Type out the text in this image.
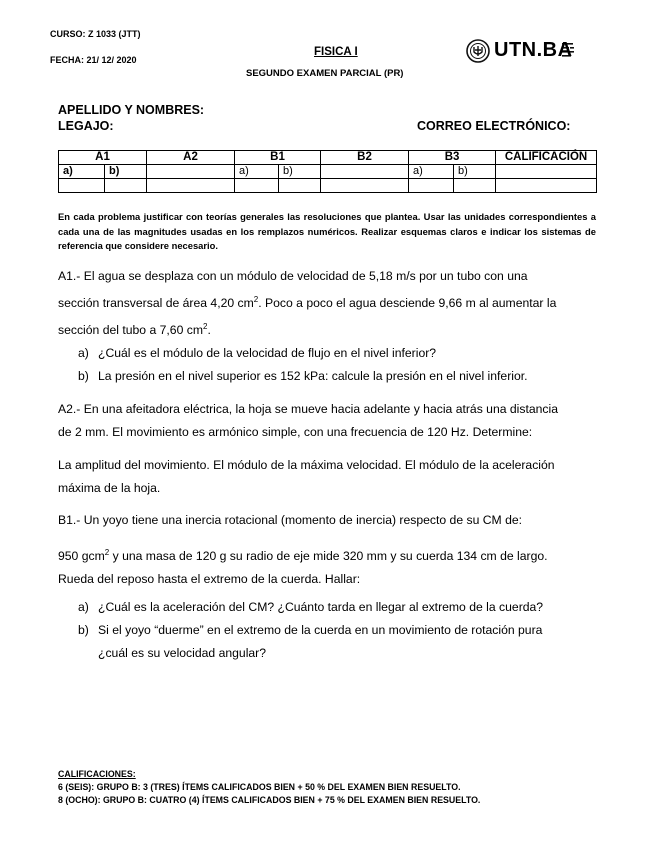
CURSO: Z 1033 (JTT)
FECHA: 21/ 12/ 2020
FISICA I
SEGUNDO EXAMEN PARCIAL (PR)
UTN.BA
APELLIDO Y NOMBRES:
LEGAJO:	CORREO ELECTRÓNICO:
A1		A2	B1		B2	B3		CALIFICACIÓN
a)	b)		a)	b)		a)	b)	

En cada problema justificar con teorías generales las resoluciones que plantea. Usar las unidades correspondientes a cada una de las magnitudes usadas en los remplazos numéricos. Realizar esquemas claros e indicar los sistemas de referencia que considere necesario.
A1.- El agua se desplaza con un módulo de velocidad de 5,18 m/s por un tubo con una
sección transversal de área 4,20 $cm^2$. Poco a poco el agua desciende 9,66 m al aumentar la
sección del tubo a 7,60 $cm^2$.
a) ¿Cuál es el módulo de la velocidad de flujo en el nivel inferior?
b) La presión en el nivel superior es 152 kPa: calcule la presión en el nivel inferior.
A2.- En una afeitadora eléctrica, la hoja se mueve hacia adelante y hacia atrás una distancia
de 2 mm. El movimiento es armónico simple, con una frecuencia de 120 Hz. Determine:
La amplitud del movimiento. El módulo de la máxima velocidad. El módulo de la aceleración
máxima de la hoja.
B1.- Un yoyo tiene una inercia rotacional (momento de inercia) respecto de su CM de:
950 gcm$^2$ y una masa de 120 g su radio de eje mide 320 mm y su cuerda 134 cm de largo.
Rueda del reposo hasta el extremo de la cuerda. Hallar:
a) ¿Cuál es la aceleración del CM? ¿Cuánto tarda en llegar al extremo de la cuerda?
b) Si el yoyo “duerme” en el extremo de la cuerda en un movimiento de rotación pura
¿cuál es su velocidad angular?
CALIFICACIONES:
6 (SEIS): GRUPO B: 3 (TRES) ÍTEMS CALIFICADOS BIEN + 50 % DEL EXAMEN BIEN RESUELTO.
8 (OCHO): GRUPO B: CUATRO (4) ÍTEMS CALIFICADOS BIEN + 75 % DEL EXAMEN BIEN RESUELTO.
